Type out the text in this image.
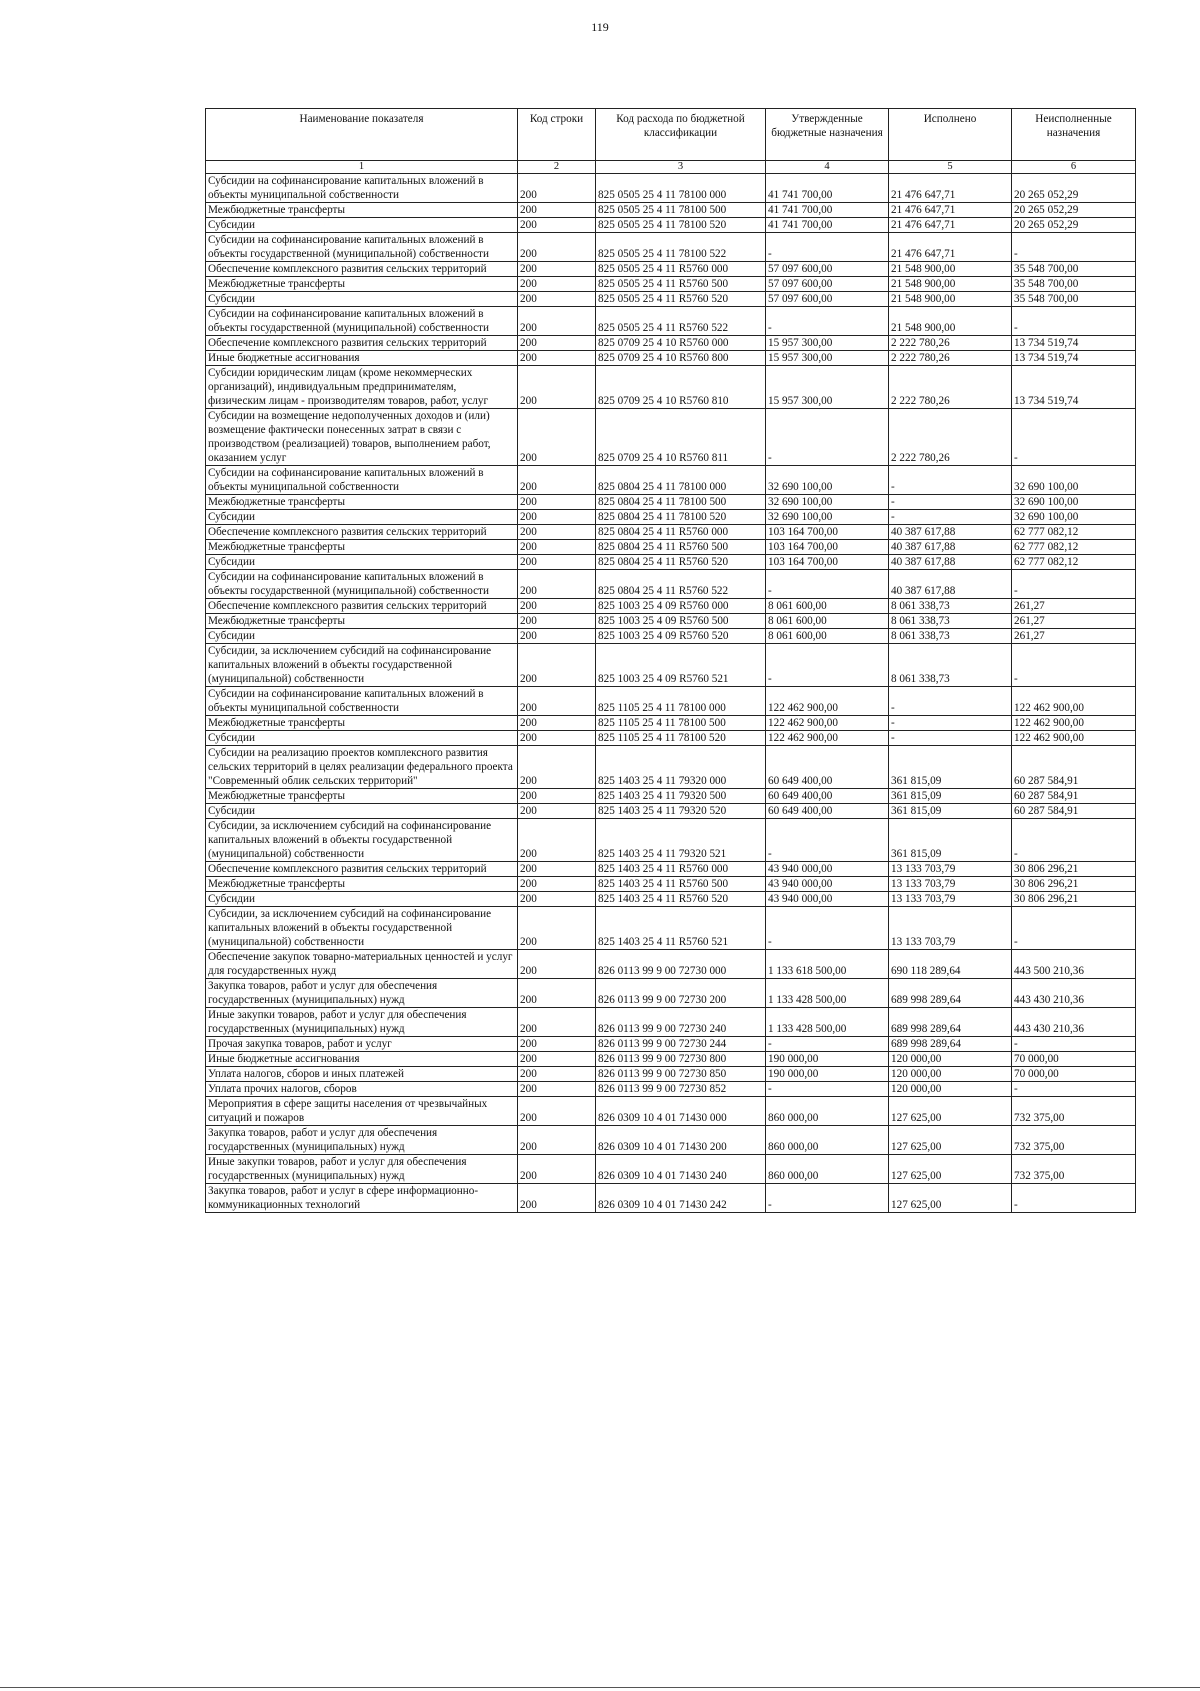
119
Наименование показателя	Код строки	Код расхода по бюджетной классификации	Утвержденные бюджетные назначения	Исполнено	Неисполненные назначения
1	2	3	4	5	6
Субсидии на софинансирование капитальных вложений в объекты муниципальной собственности	200	825 0505 25 4 11 78100 000	41 741 700,00	21 476 647,71	20 265 052,29
Межбюджетные трансферты	200	825 0505 25 4 11 78100 500	41 741 700,00	21 476 647,71	20 265 052,29
Субсидии	200	825 0505 25 4 11 78100 520	41 741 700,00	21 476 647,71	20 265 052,29
Субсидии на софинансирование капитальных вложений в объекты государственной (муниципальной) собственности	200	825 0505 25 4 11 78100 522	-	21 476 647,71	-
Обеспечение комплексного развития сельских территорий	200	825 0505 25 4 11 R5760 000	57 097 600,00	21 548 900,00	35 548 700,00
Межбюджетные трансферты	200	825 0505 25 4 11 R5760 500	57 097 600,00	21 548 900,00	35 548 700,00
Субсидии	200	825 0505 25 4 11 R5760 520	57 097 600,00	21 548 900,00	35 548 700,00
Субсидии на софинансирование капитальных вложений в объекты государственной (муниципальной) собственности	200	825 0505 25 4 11 R5760 522	-	21 548 900,00	-
Обеспечение комплексного развития сельских территорий	200	825 0709 25 4 10 R5760 000	15 957 300,00	2 222 780,26	13 734 519,74
Иные бюджетные ассигнования	200	825 0709 25 4 10 R5760 800	15 957 300,00	2 222 780,26	13 734 519,74
Субсидии юридическим лицам (кроме некоммерческих организаций), индивидуальным предпринимателям, физическим лицам - производителям товаров, работ, услуг	200	825 0709 25 4 10 R5760 810	15 957 300,00	2 222 780,26	13 734 519,74
Субсидии на возмещение недополученных доходов и (или) возмещение фактически понесенных затрат в связи с производством (реализацией) товаров, выполнением работ, оказанием услуг	200	825 0709 25 4 10 R5760 811	-	2 222 780,26	-
Субсидии на софинансирование капитальных вложений в объекты муниципальной собственности	200	825 0804 25 4 11 78100 000	32 690 100,00	-	32 690 100,00
Межбюджетные трансферты	200	825 0804 25 4 11 78100 500	32 690 100,00	-	32 690 100,00
Субсидии	200	825 0804 25 4 11 78100 520	32 690 100,00	-	32 690 100,00
Обеспечение комплексного развития сельских территорий	200	825 0804 25 4 11 R5760 000	103 164 700,00	40 387 617,88	62 777 082,12
Межбюджетные трансферты	200	825 0804 25 4 11 R5760 500	103 164 700,00	40 387 617,88	62 777 082,12
Субсидии	200	825 0804 25 4 11 R5760 520	103 164 700,00	40 387 617,88	62 777 082,12
Субсидии на софинансирование капитальных вложений в объекты государственной (муниципальной) собственности	200	825 0804 25 4 11 R5760 522	-	40 387 617,88	-
Обеспечение комплексного развития сельских территорий	200	825 1003 25 4 09 R5760 000	8 061 600,00	8 061 338,73	261,27
Межбюджетные трансферты	200	825 1003 25 4 09 R5760 500	8 061 600,00	8 061 338,73	261,27
Субсидии	200	825 1003 25 4 09 R5760 520	8 061 600,00	8 061 338,73	261,27
Субсидии, за исключением субсидий на софинансирование капитальных вложений в объекты государственной (муниципальной) собственности	200	825 1003 25 4 09 R5760 521	-	8 061 338,73	-
Субсидии на софинансирование капитальных вложений в объекты муниципальной собственности	200	825 1105 25 4 11 78100 000	122 462 900,00	-	122 462 900,00
Межбюджетные трансферты	200	825 1105 25 4 11 78100 500	122 462 900,00	-	122 462 900,00
Субсидии	200	825 1105 25 4 11 78100 520	122 462 900,00	-	122 462 900,00
Субсидии на реализацию проектов комплексного развития сельских территорий в целях реализации федерального проекта "Современный облик сельских территорий"	200	825 1403 25 4 11 79320 000	60 649 400,00	361 815,09	60 287 584,91
Межбюджетные трансферты	200	825 1403 25 4 11 79320 500	60 649 400,00	361 815,09	60 287 584,91
Субсидии	200	825 1403 25 4 11 79320 520	60 649 400,00	361 815,09	60 287 584,91
Субсидии, за исключением субсидий на софинансирование капитальных вложений в объекты государственной (муниципальной) собственности	200	825 1403 25 4 11 79320 521	-	361 815,09	-
Обеспечение комплексного развития сельских территорий	200	825 1403 25 4 11 R5760 000	43 940 000,00	13 133 703,79	30 806 296,21
Межбюджетные трансферты	200	825 1403 25 4 11 R5760 500	43 940 000,00	13 133 703,79	30 806 296,21
Субсидии	200	825 1403 25 4 11 R5760 520	43 940 000,00	13 133 703,79	30 806 296,21
Субсидии, за исключением субсидий на софинансирование капитальных вложений в объекты государственной (муниципальной) собственности	200	825 1403 25 4 11 R5760 521	-	13 133 703,79	-
Обеспечение закупок товарно-материальных ценностей и услуг для государственных нужд	200	826 0113 99 9 00 72730 000	1 133 618 500,00	690 118 289,64	443 500 210,36
Закупка товаров, работ и услуг для обеспечения государственных (муниципальных) нужд	200	826 0113 99 9 00 72730 200	1 133 428 500,00	689 998 289,64	443 430 210,36
Иные закупки товаров, работ и услуг для обеспечения государственных (муниципальных) нужд	200	826 0113 99 9 00 72730 240	1 133 428 500,00	689 998 289,64	443 430 210,36
Прочая закупка товаров, работ и услуг	200	826 0113 99 9 00 72730 244	-	689 998 289,64	-
Иные бюджетные ассигнования	200	826 0113 99 9 00 72730 800	190 000,00	120 000,00	70 000,00
Уплата налогов, сборов и иных платежей	200	826 0113 99 9 00 72730 850	190 000,00	120 000,00	70 000,00
Уплата прочих налогов, сборов	200	826 0113 99 9 00 72730 852	-	120 000,00	-
Мероприятия в сфере защиты населения от чрезвычайных ситуаций и пожаров	200	826 0309 10 4 01 71430 000	860 000,00	127 625,00	732 375,00
Закупка товаров, работ и услуг для обеспечения государственных (муниципальных) нужд	200	826 0309 10 4 01 71430 200	860 000,00	127 625,00	732 375,00
Иные закупки товаров, работ и услуг для обеспечения государственных (муниципальных) нужд	200	826 0309 10 4 01 71430 240	860 000,00	127 625,00	732 375,00
Закупка товаров, работ и услуг в сфере информационно-коммуникационных технологий	200	826 0309 10 4 01 71430 242	-	127 625,00	-
